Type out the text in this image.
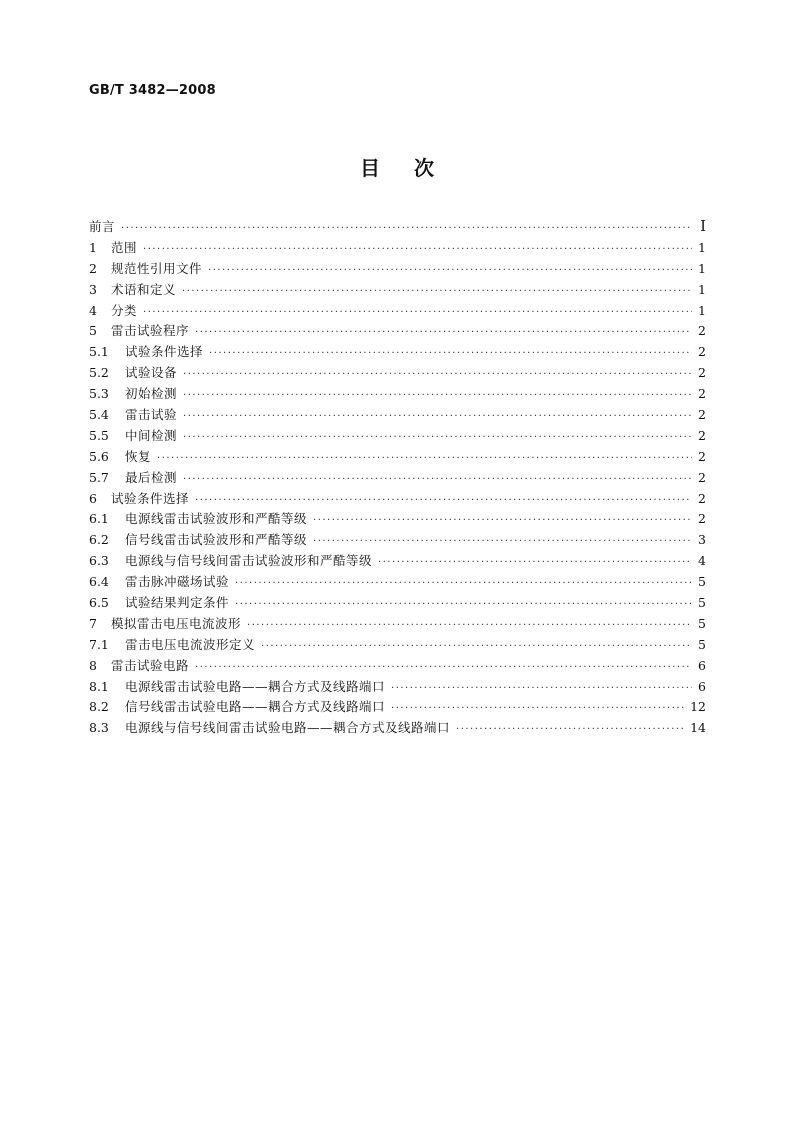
GB/T 3482—2008
目次
前言 ·····	I
1	范围 ·····	1
2	规范性引用文件 ·····	1
3	术语和定义 ·····	1
4	分类 ·····	1
5	雷击试验程序 ·····	2
5.1	试验条件选择 ·····	2
5.2	试验设备 ·····	2
5.3	初始检测 ·····	2
5.4	雷击试验 ·····	2
5.5	中间检测 ·····	2
5.6	恢复 ·····	2
5.7	最后检测 ·····	2
6	试验条件选择 ·····	2
6.1	电源线雷击试验波形和严酷等级 ·····	2
6.2	信号线雷击试验波形和严酷等级 ·····	3
6.3	电源线与信号线间雷击试验波形和严酷等级 ·····	4
6.4	雷击脉冲磁场试验 ·····	5
6.5	试验结果判定条件 ·····	5
7	模拟雷击电压电流波形 ·····	5
7.1	雷击电压电流波形定义 ·····	5
8	雷击试验电路 ·····	6
8.1	电源线雷击试验电路——耦合方式及线路端口 ·····	6
8.2	信号线雷击试验电路——耦合方式及线路端口 ·····	12
8.3	电源线与信号线间雷击试验电路——耦合方式及线路端口 ·····	14
